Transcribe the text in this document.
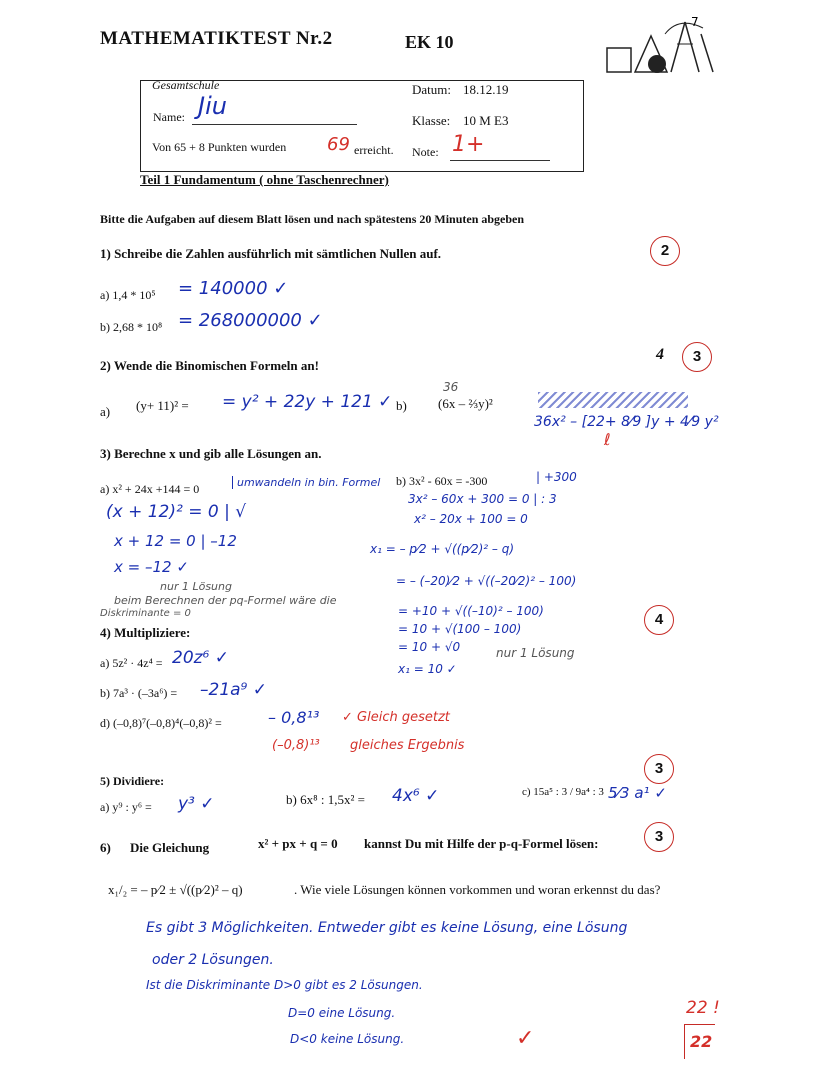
MATHEMATIKTEST Nr.2	EK 10
7
Gesamtschule	Datum: 18.12.19
Name: Jiu
Klasse: 10 M E3
Von 65 + 8 Punkten wurden 69 erreicht. Note: 1+
Teil 1 Fundamentum ( ohne Taschenrechner)
Bitte die Aufgaben auf diesem Blatt lösen und nach spätestens 20 Minuten abgeben
1) Schreibe die Zahlen ausführlich mit sämtlichen Nullen auf.	2
a) 1,4 * 10⁵ = 140000 ✓
b) 2,68 * 10⁸ = 268000000 ✓
2) Wende die Binomischen Formeln an!
4	3
a) (y+ 11)² = = y² + 22y + 121 ✓ b)
36
(6x – ⅔y)²
36x² – [22+ 8⁄9 ]y + 4⁄9 y²
ℓ
3) Berechne x und gib alle Lösungen an.
a) x² + 24x +144 = 0	umwandeln in bin. Formel
(x + 12)² = 0 | √
x + 12 = 0 | –12
x = –12 ✓
nur 1 Lösung
beim Berechnen der pq-Formel wäre die
Diskriminante = 0
b) 3x² - 60x = -300	| +300
3x² – 60x + 300 = 0 | : 3
x² – 20x + 100 = 0
x₁ = – p⁄2 + √((p⁄2)² – q)
= – (–20)⁄2 + √((–20⁄2)² – 100)
= +10 + √((–10)² – 100)
= 10 + √(100 – 100)
= 10 + √0
x₁ = 10 ✓
nur 1 Lösung
4
4) Multipliziere:
a) 5z² · 4z⁴ = 20z⁶ ✓
b) 7a³ · (–3a⁶) = –21a⁹ ✓
d) (–0,8)⁷(–0,8)⁴(–0,8)² =	– 0,8¹³ ✓ Gleich gesetzt
(–0,8)¹³ gleiches Ergebnis
5) Dividiere:
3
a) y⁹ : y⁶ = y³ ✓	b) 6x⁸ : 1,5x² = 4x⁶ ✓	c) 15a⁵ : 3 / 9a⁴ : 3 5⁄3 a¹ ✓
6) Die Gleichung	x² + px + q = 0 kannst Du mit Hilfe der p-q-Formel lösen:	3
x₁/₂ = – p⁄2 ± √((p⁄2)² – q)	. Wie viele Lösungen können vorkommen und woran erkennst du das?
Es gibt 3 Möglichkeiten. Entweder gibt es keine Lösung, eine Lösung
oder 2 Lösungen.
Ist die Diskriminante D>0 gibt es 2 Lösungen.
D=0 eine Lösung.
D<0 keine Lösung.	✓
22 !
22
